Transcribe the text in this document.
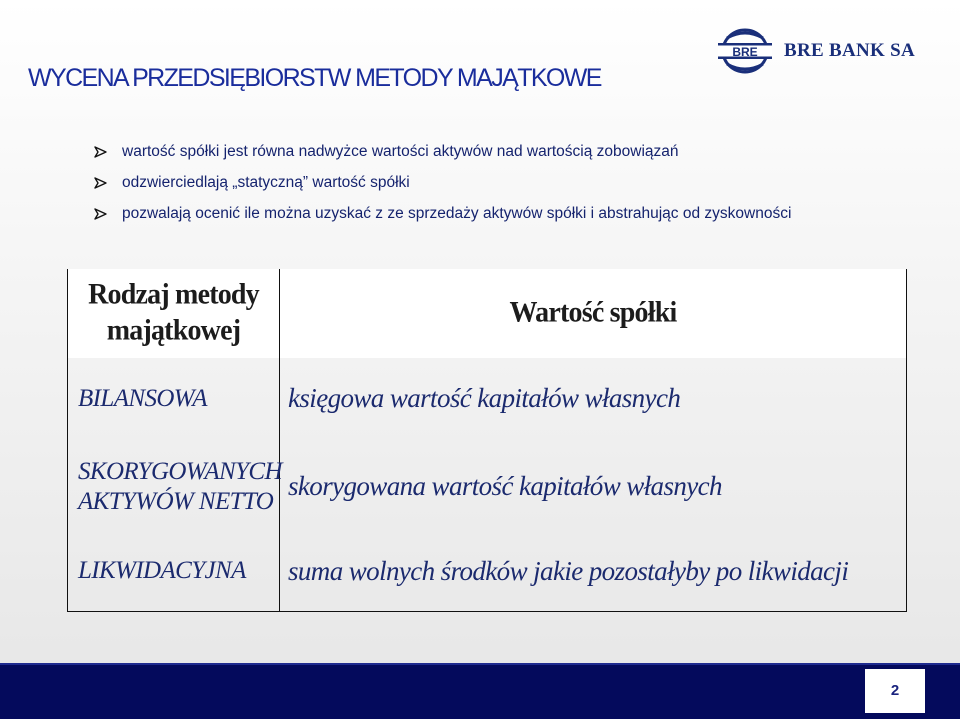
WYCENA PRZEDSIĘBIORSTW METODY MAJĄTKOWE
BRE BRE BANK SA
wartość spółki jest równa nadwyżce wartości aktywów nad wartością zobowiązań
odzwierciedlają „statyczną” wartość spółki
pozwalają ocenić ile można uzyskać z ze sprzedaży aktywów spółki i abstrahując od zyskowności
Rodzaj metody majątkowej	Wartość spółki
BILANSOWA	księgowa wartość kapitałów własnych
SKORYGOWANYCH AKTYWÓW NETTO	skorygowana wartość kapitałów własnych
LIKWIDACYJNA	suma wolnych środków jakie pozostałyby po likwidacji
2
